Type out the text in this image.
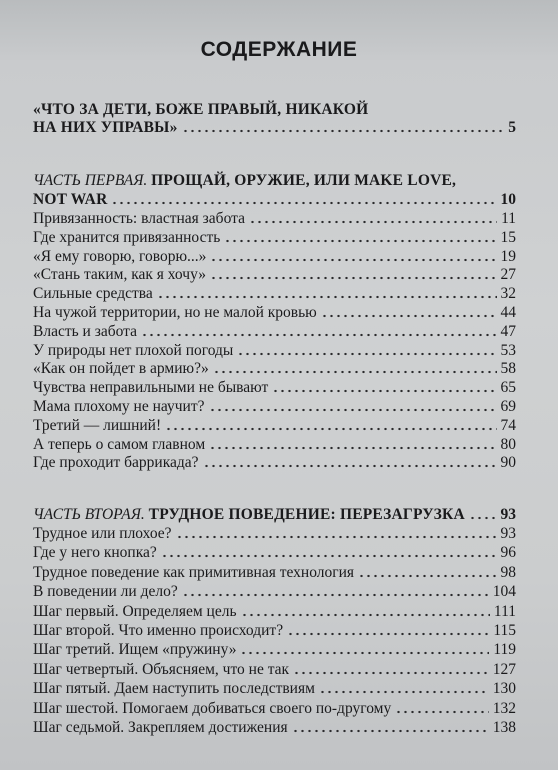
СОДЕРЖАНИЕ
«ЧТО ЗА ДЕТИ, БОЖЕ ПРАВЫЙ, НИКАКОЙ
НА НИХ УПРАВЫ»	5
ЧАСТЬ ПЕРВАЯ. ПРОЩАЙ, ОРУЖИЕ, ИЛИ MAKE LOVE,
NOT WAR	10
Привязанность: властная забота	11
Где хранится привязанность	15
«Я ему говорю, говорю...»	19
«Стань таким, как я хочу»	27
Сильные средства	32
На чужой территории, но не малой кровью	44
Власть и забота	47
У природы нет плохой погоды	53
«Как он пойдет в армию?»	58
Чувства неправильными не бывают	65
Мама плохому не научит?	69
Третий — лишний!	74
А теперь о самом главном	80
Где проходит баррикада?	90
ЧАСТЬ ВТОРАЯ. ТРУДНОЕ ПОВЕДЕНИЕ: ПЕРЕЗАГРУЗКА 93
Трудное или плохое?	93
Где у него кнопка?	96
Трудное поведение как примитивная технология	98
В поведении ли дело?	104
Шаг первый. Определяем цель	111
Шаг второй. Что именно происходит?	115
Шаг третий. Ищем «пружину»	119
Шаг четвертый. Объясняем, что не так	127
Шаг пятый. Даем наступить последствиям	130
Шаг шестой. Помогаем добиваться своего по-другому	132
Шаг седьмой. Закрепляем достижения	138
